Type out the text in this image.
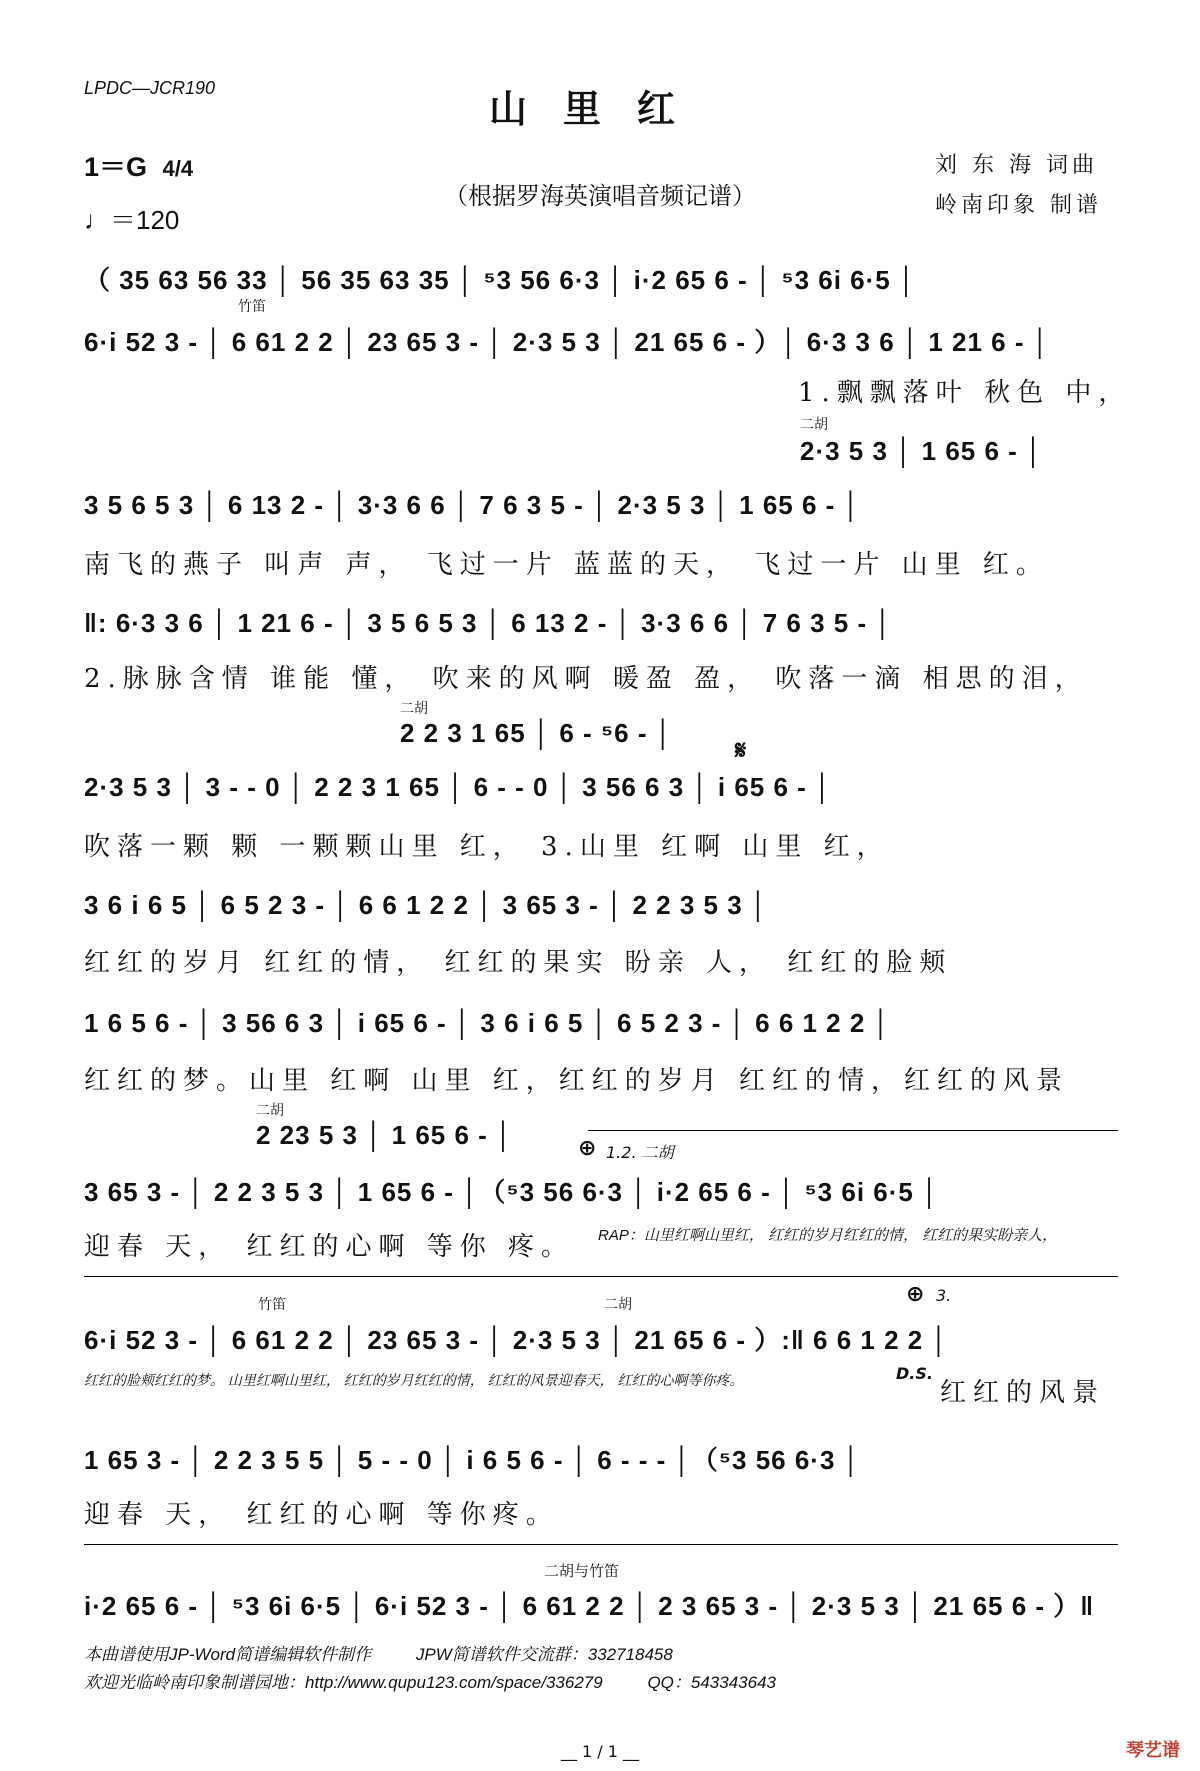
LPDC—JCR190	山里红
1＝G 4/4
♩＝120
（根据罗海英演唱音频记谱）
刘 东 海 词曲
岭南印象 制谱
（ 35 63 56 33 │ 56 35 63 35 │ ⁵3 56 6·3 │ i·2 65 6 - │ ⁵3 6i 6·5 │
竹笛
6·i 52 3 - │ 6 61 2 2 │ 23 65 3 - │ 2·3 5 3 │ 21 65 6 - ）│ 6·3 3 6 │ 1 21 6 - │
1.飘飘落叶 秋色 中，
二胡
2·3 5 3 │ 1 65 6 - │
3 5 6 5 3 │ 6 13 2 - │ 3·3 6 6 │ 7 6 3 5 - │ 2·3 5 3 │ 1 65 6 - │
南飞的燕子 叫声 声， 飞过一片 蓝蓝的天， 飞过一片 山里 红。
‖: 6·3 3 6 │ 1 21 6 - │ 3 5 6 5 3 │ 6 13 2 - │ 3·3 6 6 │ 7 6 3 5 - │
2.脉脉含情 谁能 懂， 吹来的风啊 暖盈 盈， 吹落一滴 相思的泪，
二胡
2 2 3 1 65 │ 6 - ⁵6 - │
𝄋
2·3 5 3 │ 3 - - 0 │ 2 2 3 1 65 │ 6 - - 0 │ 3 56 6 3 │ i 65 6 - │
吹落一颗 颗 一颗颗山里 红， 3.山里 红啊 山里 红，
3 6 i 6 5 │ 6 5 2 3 - │ 6 6 1 2 2 │ 3 65 3 - │ 2 2 3 5 3 │
红红的岁月 红红的情， 红红的果实 盼亲 人， 红红的脸颊
1 6 5 6 - │ 3 56 6 3 │ i 65 6 - │ 3 6 i 6 5 │ 6 5 2 3 - │ 6 6 1 2 2 │
红红的梦。山里 红啊 山里 红，红红的岁月 红红的情，红红的风景
二胡
2 23 5 3 │ 1 65 6 - │	⊕ 1.2. 二胡
3 65 3 - │ 2 2 3 5 3 │ 1 65 6 - │（⁵3 56 6·3 │ i·2 65 6 - │ ⁵3 6i 6·5 │
迎春 天， 红红的心啊 等你 疼。 RAP：山里红啊山里红， 红红的岁月红红的情， 红红的果实盼亲人，
竹笛	二胡	⊕ 3.
6·i 52 3 - │ 6 61 2 2 │ 23 65 3 - │ 2·3 5 3 │ 21 65 6 - ）:‖ 6 6 1 2 2 │
红红的脸颊红红的梦。 山里红啊山里红， 红红的岁月红红的情， 红红的风景迎春天， 红红的心啊等你疼。	D.S.
红红的风景
1 65 3 - │ 2 2 3 5 5 │ 5 - - 0 │ i 6 5 6 - │ 6 - - - │（⁵3 56 6·3 │
迎春 天， 红红的心啊 等你疼。
二胡与竹笛
i·2 65 6 - │ ⁵3 6i 6·5 │ 6·i 52 3 - │ 6 61 2 2 │ 2 3 65 3 - │ 2·3 5 3 │ 21 65 6 - ）‖
本曲谱使用JP-Word简谱编辑软件制作	JPW简谱软件交流群：332718458
欢迎光临岭南印象制谱园地：http://www.qupu123.com/space/336279	QQ：543343643
__ 1 / 1 __	琴艺谱
